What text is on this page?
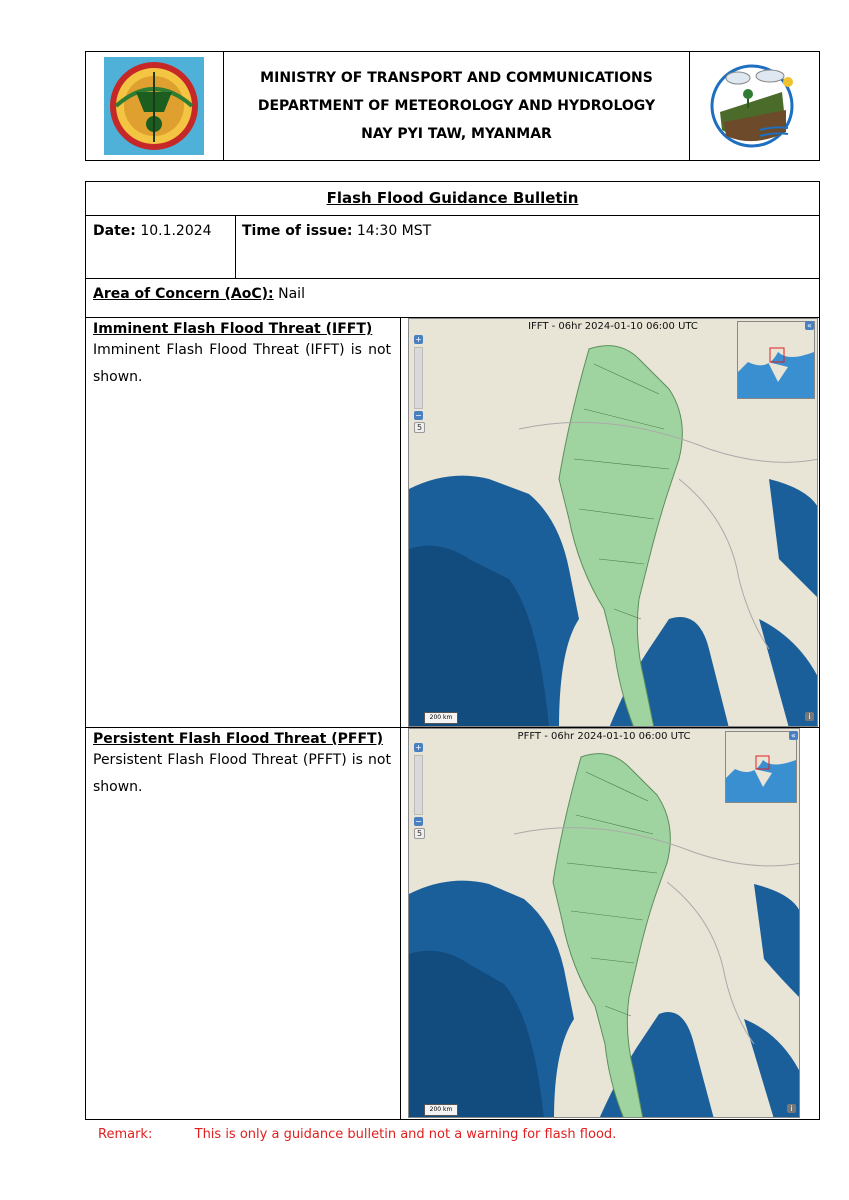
MINISTRY OF TRANSPORT AND COMMUNICATIONS
DEPARTMENT OF METEOROLOGY AND HYDROLOGY
NAY PYI TAW, MYANMAR
Flash Flood Guidance Bulletin
Date: 10.1.2024 Time of issue: 14:30 MST
Area of Concern (AoC): Nail
Imminent Flash Flood Threat (IFFT)
Imminent Flash Flood Threat (IFFT) is not shown.
IFFT - 06hr 2024-01-10 06:00 UTC
+
−
5
«
200 km	i
Persistent Flash Flood Threat (PFFT)
Persistent Flash Flood Threat (PFFT) is not shown.
PFFT - 06hr 2024-01-10 06:00 UTC
+
−
5
«
200 km	i
Remark:	This is only a guidance bulletin and not a warning for flash flood.
